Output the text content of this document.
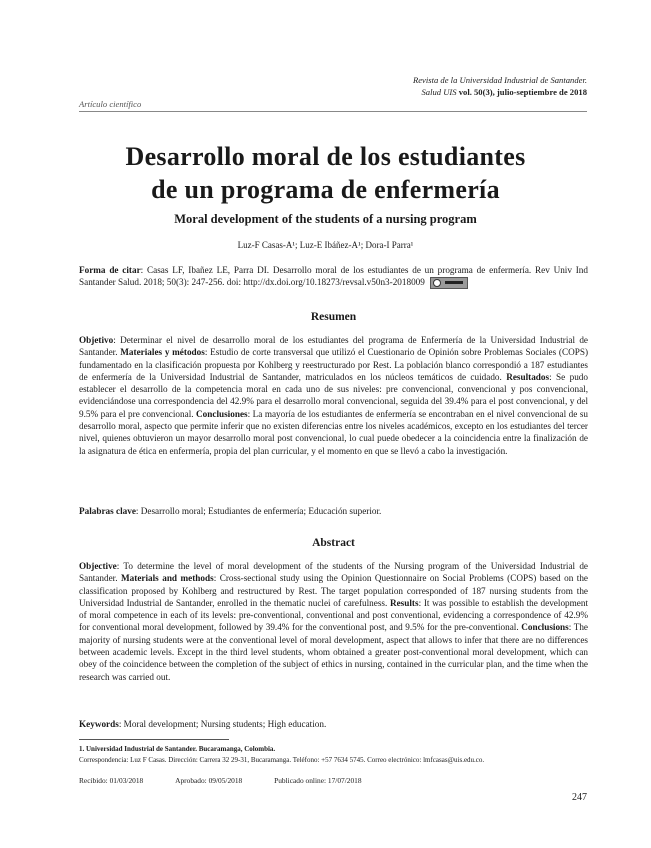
Revista de la Universidad Industrial de Santander.
Salud UIS vol. 50(3), julio-septiembre de 2018
Artículo científico
Desarrollo moral de los estudiantes
de un programa de enfermería
Moral development of the students of a nursing program
Luz-F Casas-A¹; Luz-E Ibáñez-A¹; Dora-I Parra¹
Forma de citar: Casas LF, Ibañez LE, Parra DI. Desarrollo moral de los estudiantes de un programa de enfermería. Rev Univ Ind Santander Salud. 2018; 50(3): 247-256. doi: http://dx.doi.org/10.18273/revsal.v50n3-2018009
Resumen
Objetivo: Determinar el nivel de desarrollo moral de los estudiantes del programa de Enfermería de la Universidad Industrial de Santander. Materiales y métodos: Estudio de corte transversal que utilizó el Cuestionario de Opinión sobre Problemas Sociales (COPS) fundamentado en la clasificación propuesta por Kohlberg y reestructurado por Rest. La población blanco correspondió a 187 estudiantes de enfermería de la Universidad Industrial de Santander, matriculados en los núcleos temáticos de cuidado. Resultados: Se pudo establecer el desarrollo de la competencia moral en cada uno de sus niveles: pre convencional, convencional y pos convencional, evidenciándose una correspondencia del 42.9% para el desarrollo moral convencional, seguida del 39.4% para el post convencional, y del 9.5% para el pre convencional. Conclusiones: La mayoría de los estudiantes de enfermería se encontraban en el nivel convencional de su desarrollo moral, aspecto que permite inferir que no existen diferencias entre los niveles académicos, excepto en los estudiantes del tercer nivel, quienes obtuvieron un mayor desarrollo moral post convencional, lo cual puede obedecer a la coincidencia entre la finalización de la asignatura de ética en enfermería, propia del plan curricular, y el momento en que se llevó a cabo la investigación.
Palabras clave: Desarrollo moral; Estudiantes de enfermería; Educación superior.
Abstract
Objective: To determine the level of moral development of the students of the Nursing program of the Universidad Industrial de Santander. Materials and methods: Cross-sectional study using the Opinion Questionnaire on Social Problems (COPS) based on the classification proposed by Kohlberg and restructured by Rest. The target population corresponded of 187 nursing students from the Universidad Industrial de Santander, enrolled in the thematic nuclei of carefulness. Results: It was possible to establish the development of moral competence in each of its levels: pre-conventional, conventional and post conventional, evidencing a correspondence of 42.9% for conventional moral development, followed by 39.4% for the conventional post, and 9.5% for the pre-conventional. Conclusions: The majority of nursing students were at the conventional level of moral development, aspect that allows to infer that there are no differences between academic levels. Except in the third level students, whom obtained a greater post-conventional moral development, which can obey of the coincidence between the completion of the subject of ethics in nursing, contained in the curricular plan, and the time when the research was carried out.
Keywords: Moral development; Nursing students; High education.
1. Universidad Industrial de Santander. Bucaramanga, Colombia.
Correspondencia: Luz F Casas. Dirección: Carrera 32 29-31, Bucaramanga. Teléfono: +57 7634 5745. Correo electrónico: lmfcasas@uis.edu.co.
Recibido: 01/03/2018	Aprobado: 09/05/2018	Publicado online: 17/07/2018
247
